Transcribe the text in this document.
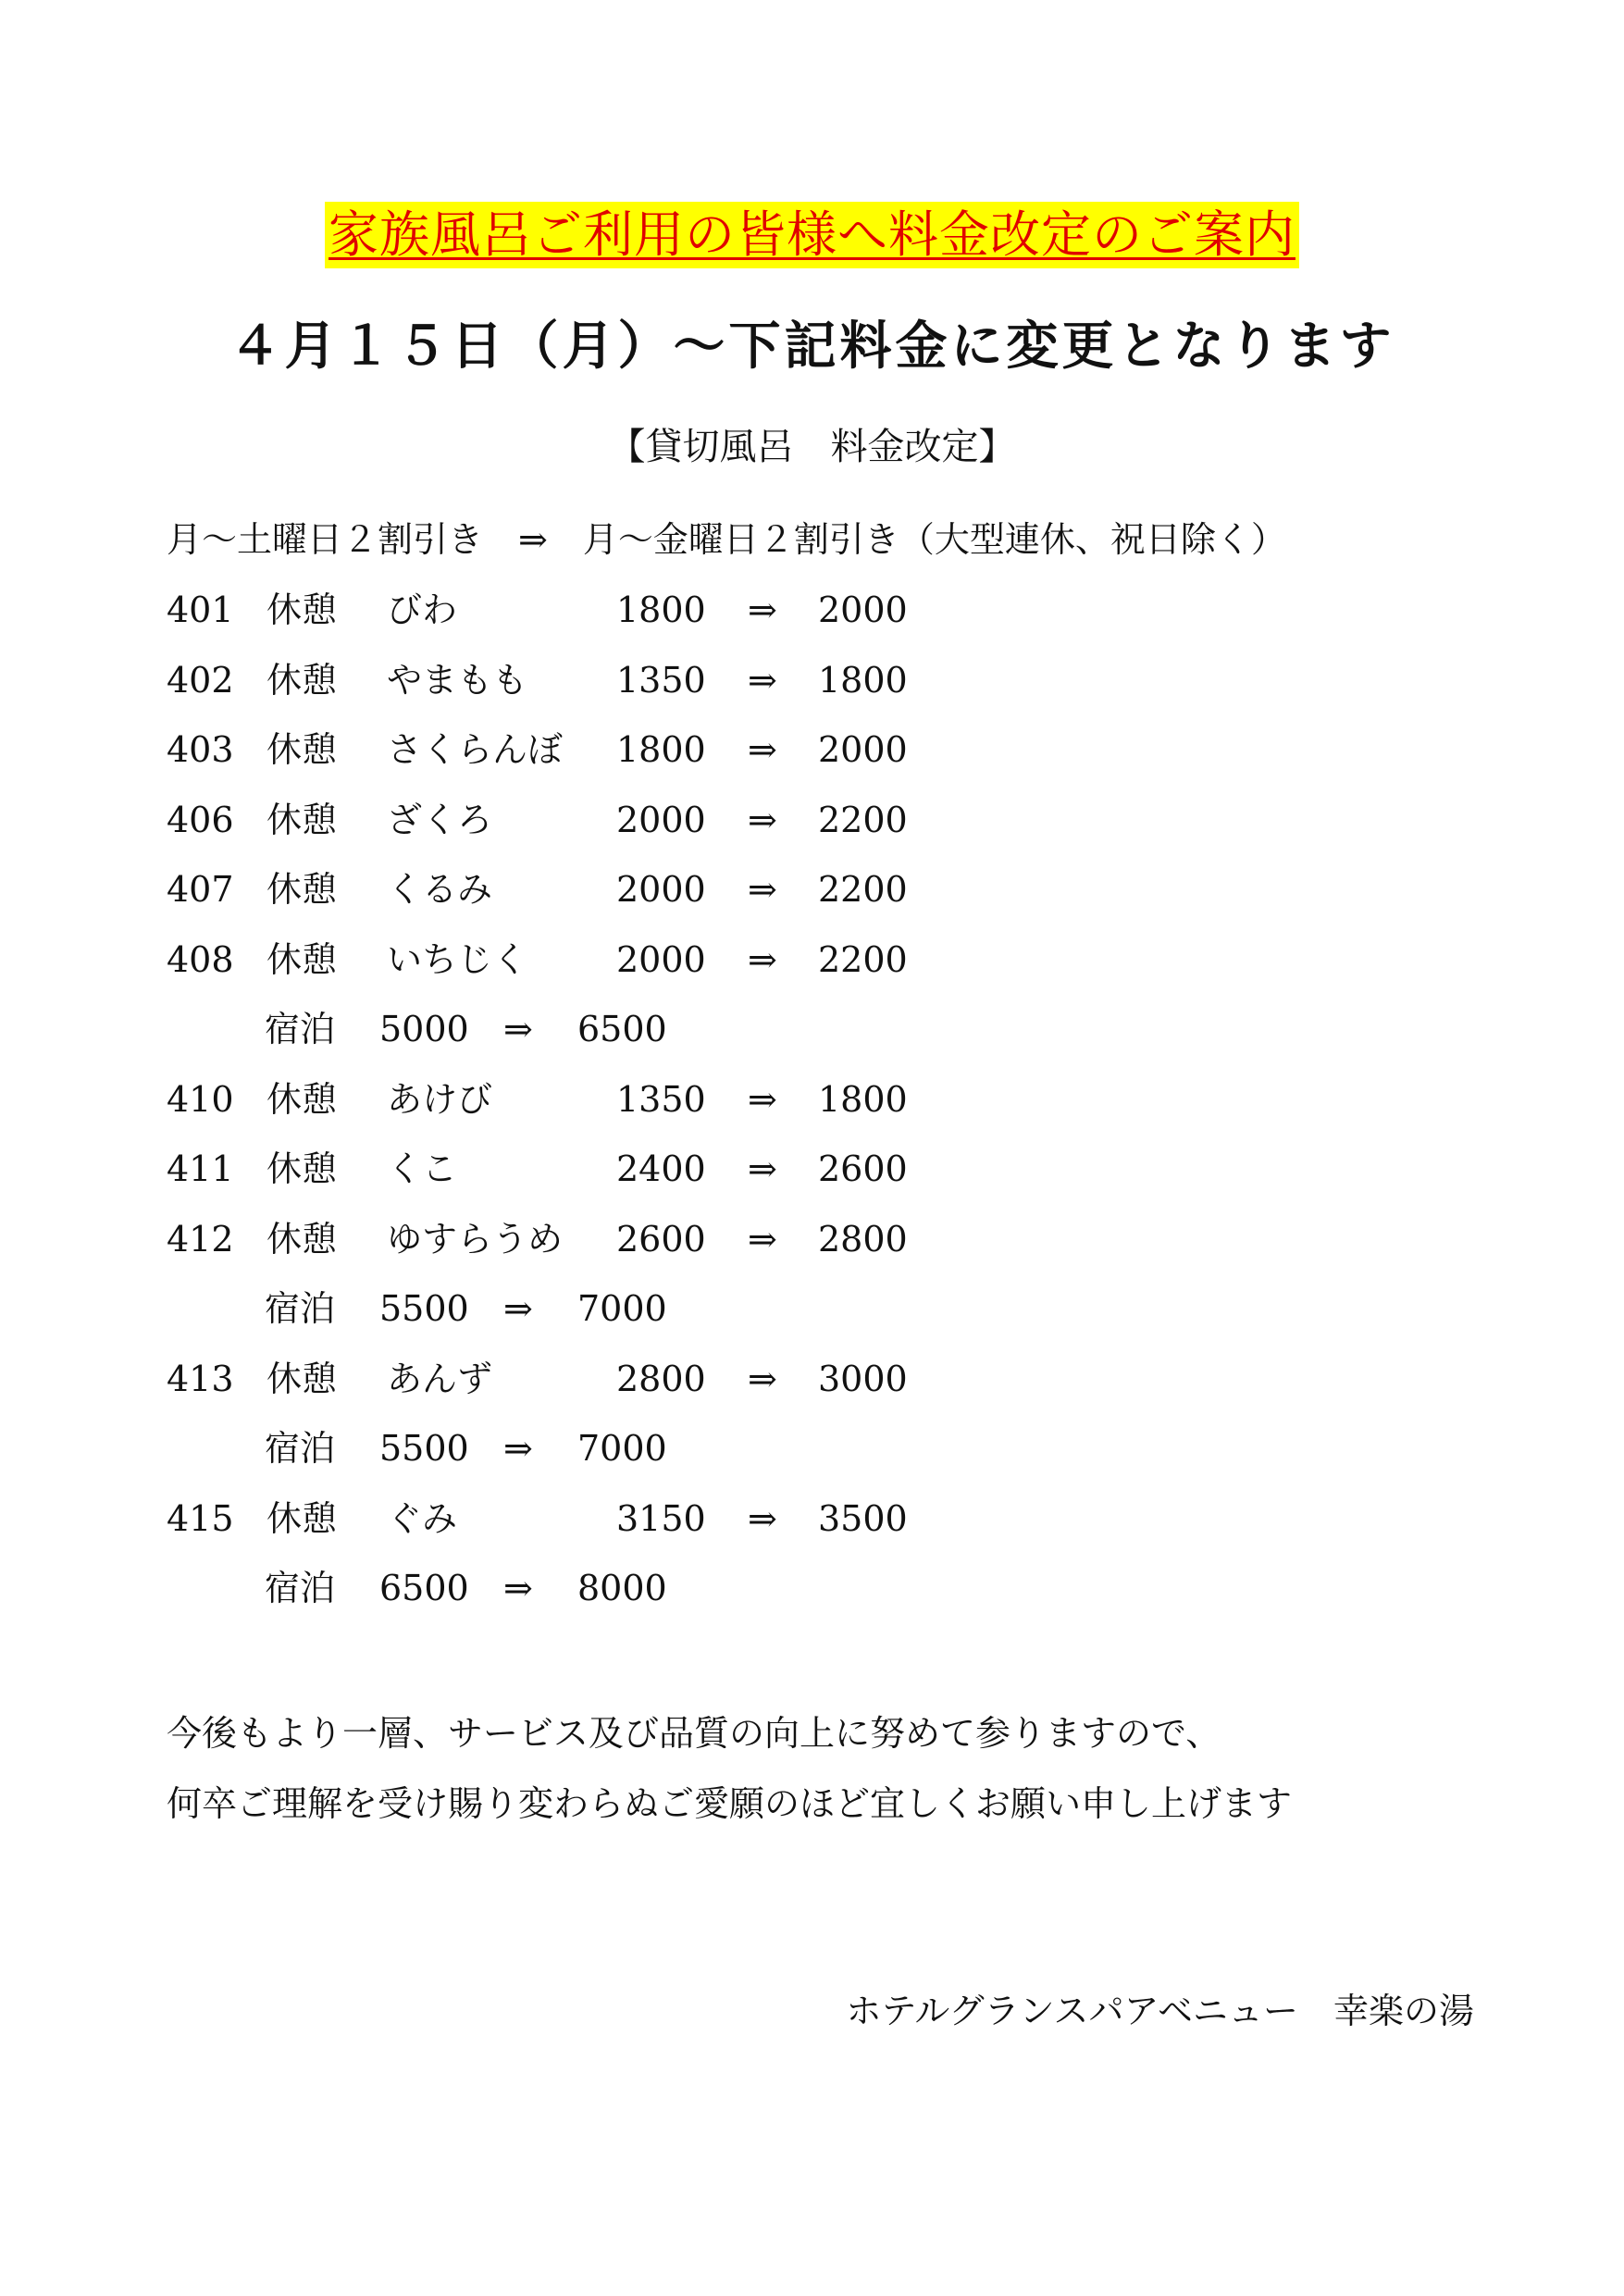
家族風呂ご利用の皆様へ料金改定のご案内
４月１５日（月）～下記料金に変更となります
【貸切風呂　料金改定】
月～土曜日２割引き　⇒　月～金曜日２割引き（大型連休、祝日除く）
401 休憩 びわ	1800 ⇒ 2000
402 休憩 やまもも	1350 ⇒ 1800
403 休憩 さくらんぼ 1800 ⇒ 2000
406 休憩 ざくろ	2000 ⇒ 2200
407 休憩 くるみ	2000 ⇒ 2200
408 休憩 いちじく	2000 ⇒ 2200
宿泊 5000 ⇒ 6500
410 休憩 あけび	1350 ⇒ 1800
411 休憩 くこ	2400 ⇒ 2600
412 休憩 ゆすらうめ 2600 ⇒ 2800
宿泊 5500 ⇒ 7000
413 休憩 あんず	2800 ⇒ 3000
宿泊 5500 ⇒ 7000
415 休憩 ぐみ	3150 ⇒ 3500
宿泊 6500 ⇒ 8000
今後もより一層、サービス及び品質の向上に努めて参りますので、
何卒ご理解を受け賜り変わらぬご愛願のほど宜しくお願い申し上げます
ホテルグランスパアベニュー　幸楽の湯
